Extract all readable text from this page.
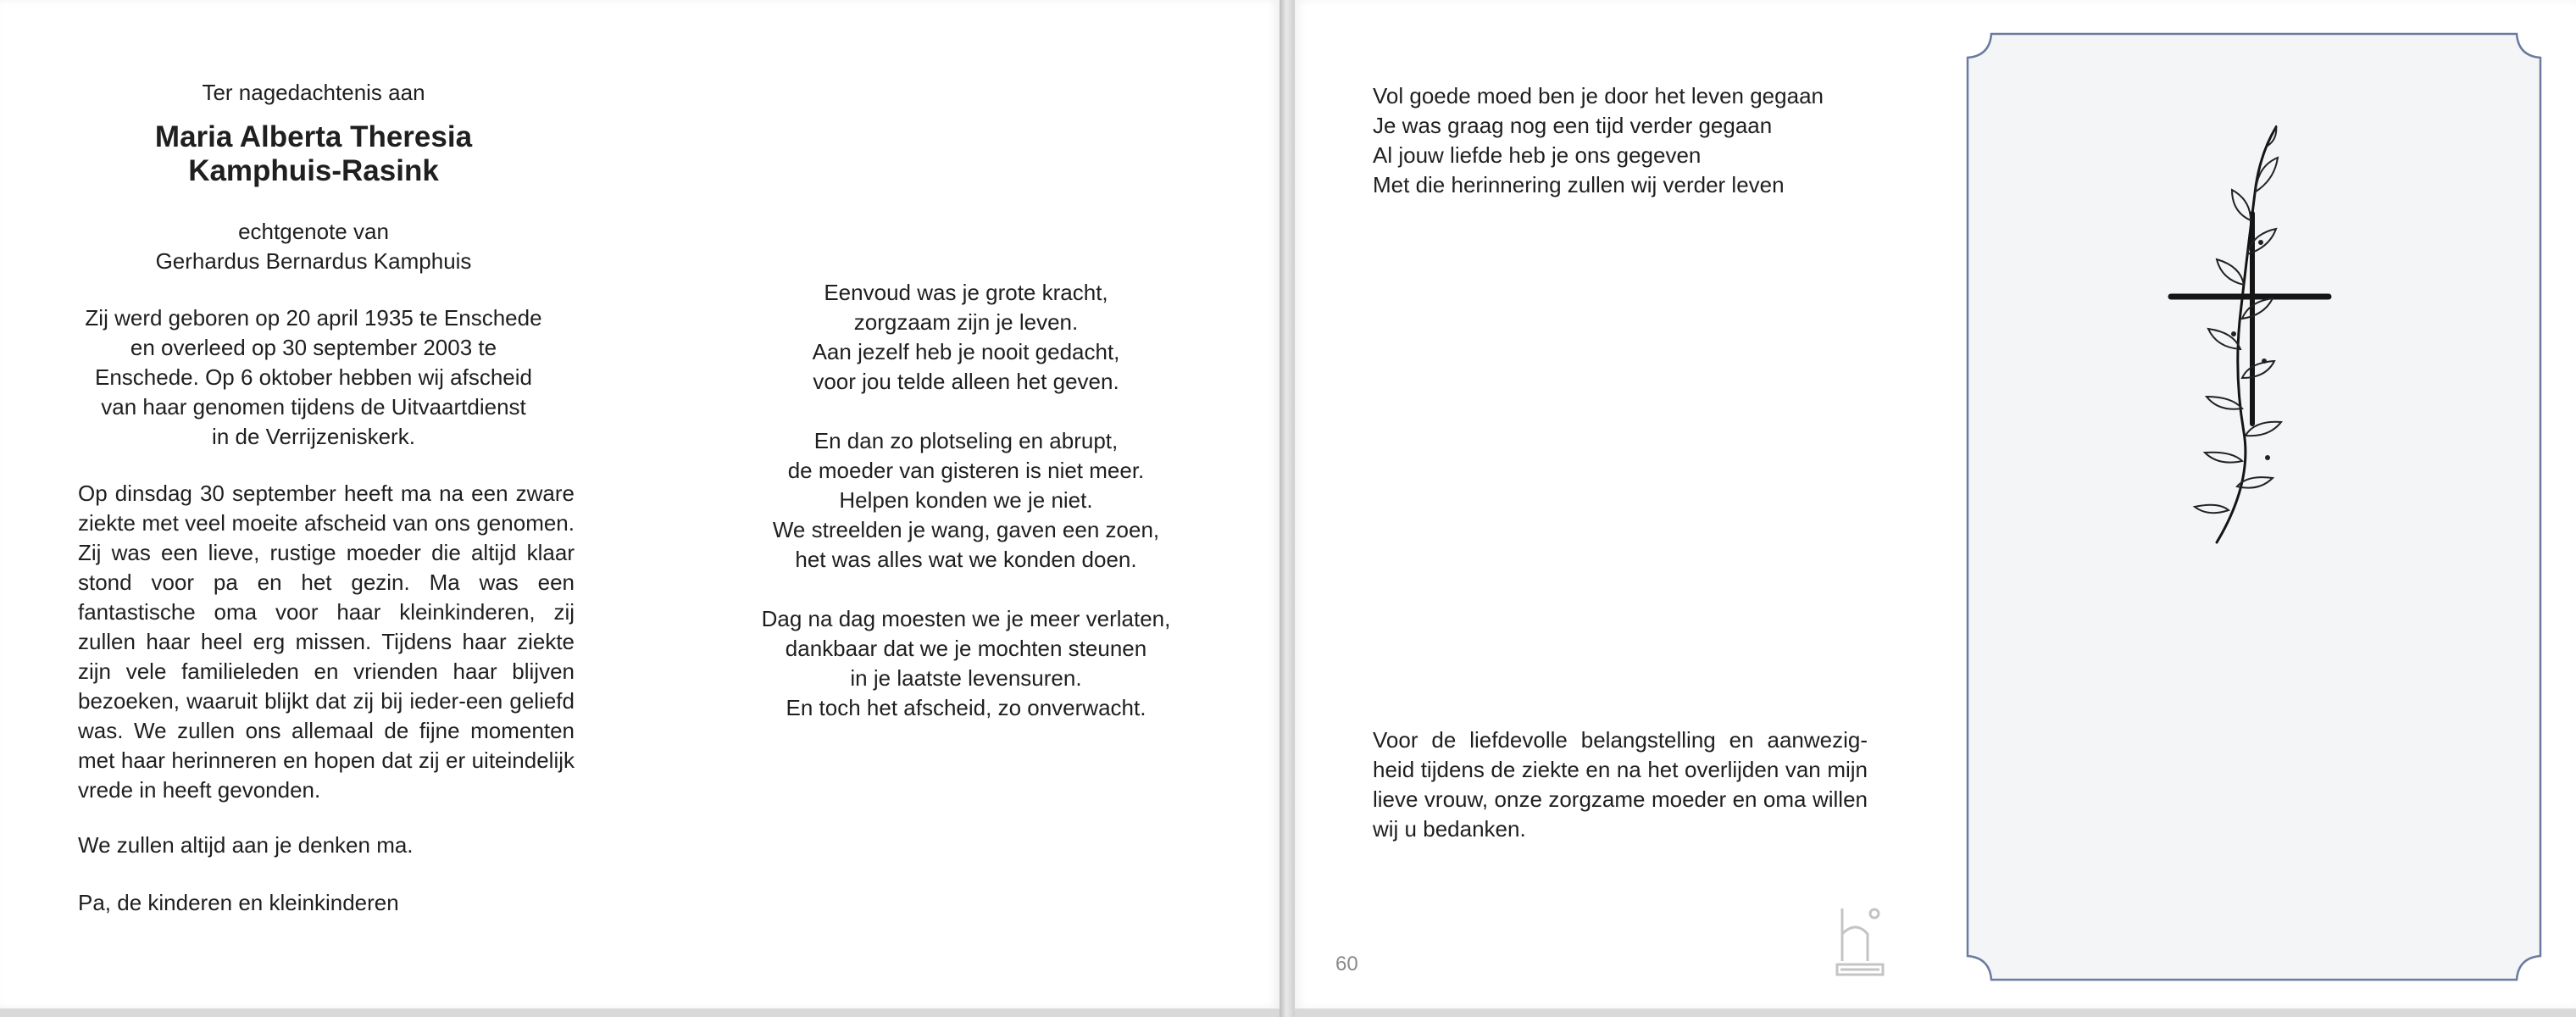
Ter nagedachtenis aan
Maria Alberta Theresia
Kamphuis-Rasink
echtgenote van
Gerhardus Bernardus Kamphuis
Zij werd geboren op 20 april 1935 te Enschede
en overleed op 30 september 2003 te
Enschede. Op 6 oktober hebben wij afscheid
van haar genomen tijdens de Uitvaartdienst
in de Verrijzeniskerk.
Op dinsdag 30 september heeft ma na een zware ziekte met veel moeite afscheid van ons genomen. Zij was een lieve, rustige moeder die altijd klaar stond voor pa en het gezin. Ma was een fantastische oma voor haar kleinkinderen, zij zullen haar heel erg missen. Tijdens haar ziekte zijn vele familieleden en vrienden haar blijven bezoeken, waaruit blijkt dat zij bij ieder-een geliefd was. We zullen ons allemaal de fijne momenten met haar herinneren en hopen dat zij er uiteindelijk vrede in heeft gevonden.
We zullen altijd aan je denken ma.
Pa, de kinderen en kleinkinderen
Eenvoud was je grote kracht,
zorgzaam zijn je leven.
Aan jezelf heb je nooit gedacht,
voor jou telde alleen het geven.
En dan zo plotseling en abrupt,
de moeder van gisteren is niet meer.
Helpen konden we je niet.
We streelden je wang, gaven een zoen,
het was alles wat we konden doen.
Dag na dag moesten we je meer verlaten,
dankbaar dat we je mochten steunen
in je laatste levensuren.
En toch het afscheid, zo onverwacht.
Vol goede moed ben je door het leven gegaan
Je was graag nog een tijd verder gegaan
Al jouw liefde heb je ons gegeven
Met die herinnering zullen wij verder leven
Voor de liefdevolle belangstelling en aanwezig-heid tijdens de ziekte en na het overlijden van mijn lieve vrouw, onze zorgzame moeder en oma willen wij u bedanken.
60
